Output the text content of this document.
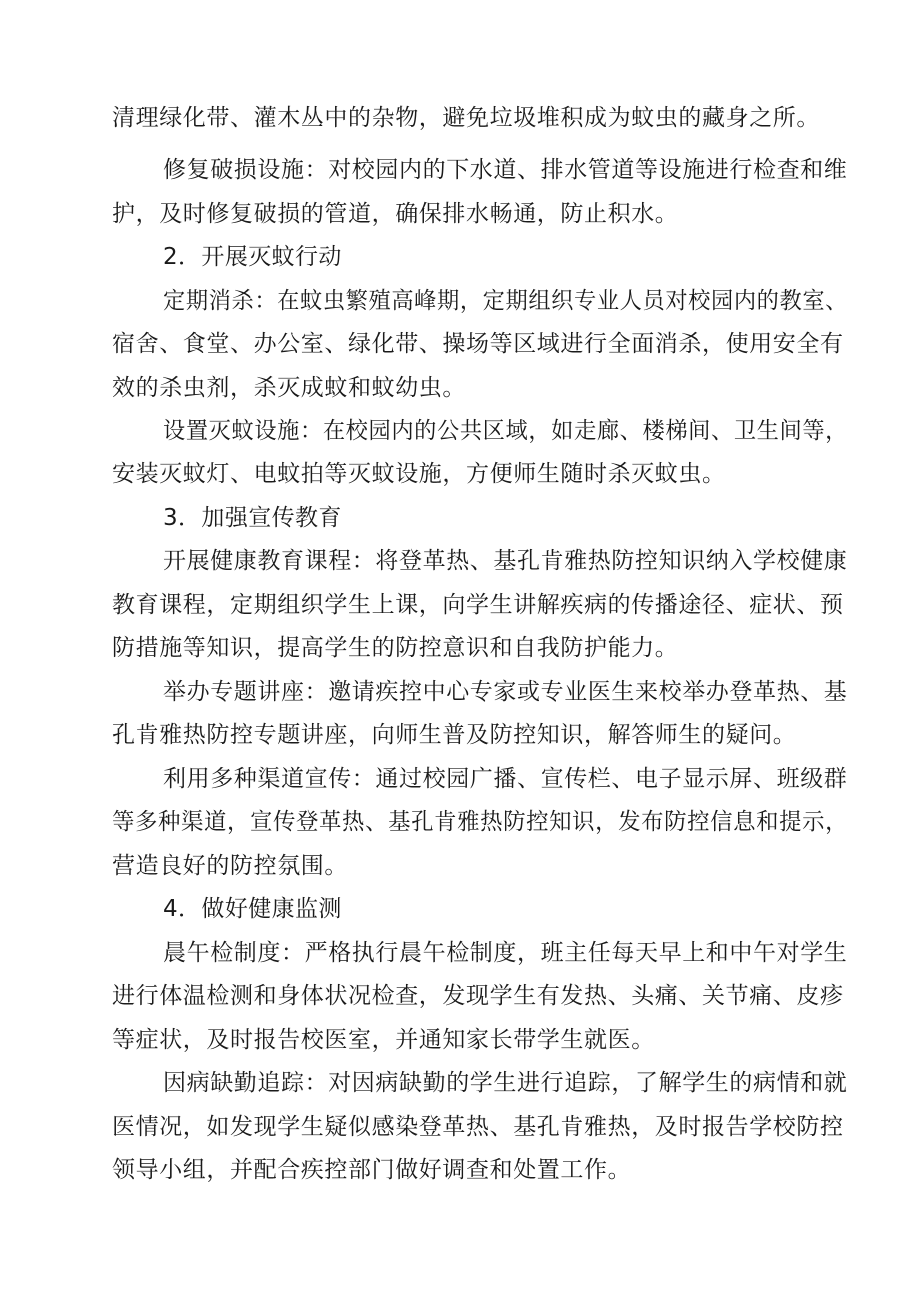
清理绿化带、灌木丛中的杂物，避免垃圾堆积成为蚊虫的藏身之所。
修复破损设施：对校园内的下水道、排水管道等设施进行检查和维
护，及时修复破损的管道，确保排水畅通，防止积水。
2．开展灭蚊行动
定期消杀：在蚊虫繁殖高峰期，定期组织专业人员对校园内的教室、
宿舍、食堂、办公室、绿化带、操场等区域进行全面消杀，使用安全有
效的杀虫剂，杀灭成蚊和蚊幼虫。
设置灭蚊设施：在校园内的公共区域，如走廊、楼梯间、卫生间等，
安装灭蚊灯、电蚊拍等灭蚊设施，方便师生随时杀灭蚊虫。
3．加强宣传教育
开展健康教育课程：将登革热、基孔肯雅热防控知识纳入学校健康
教育课程，定期组织学生上课，向学生讲解疾病的传播途径、症状、预
防措施等知识，提高学生的防控意识和自我防护能力。
举办专题讲座：邀请疾控中心专家或专业医生来校举办登革热、基
孔肯雅热防控专题讲座，向师生普及防控知识，解答师生的疑问。
利用多种渠道宣传：通过校园广播、宣传栏、电子显示屏、班级群
等多种渠道，宣传登革热、基孔肯雅热防控知识，发布防控信息和提示，
营造良好的防控氛围。
4．做好健康监测
晨午检制度：严格执行晨午检制度，班主任每天早上和中午对学生
进行体温检测和身体状况检查，发现学生有发热、头痛、关节痛、皮疹
等症状，及时报告校医室，并通知家长带学生就医。
因病缺勤追踪：对因病缺勤的学生进行追踪，了解学生的病情和就
医情况，如发现学生疑似感染登革热、基孔肯雅热，及时报告学校防控
领导小组，并配合疾控部门做好调查和处置工作。
